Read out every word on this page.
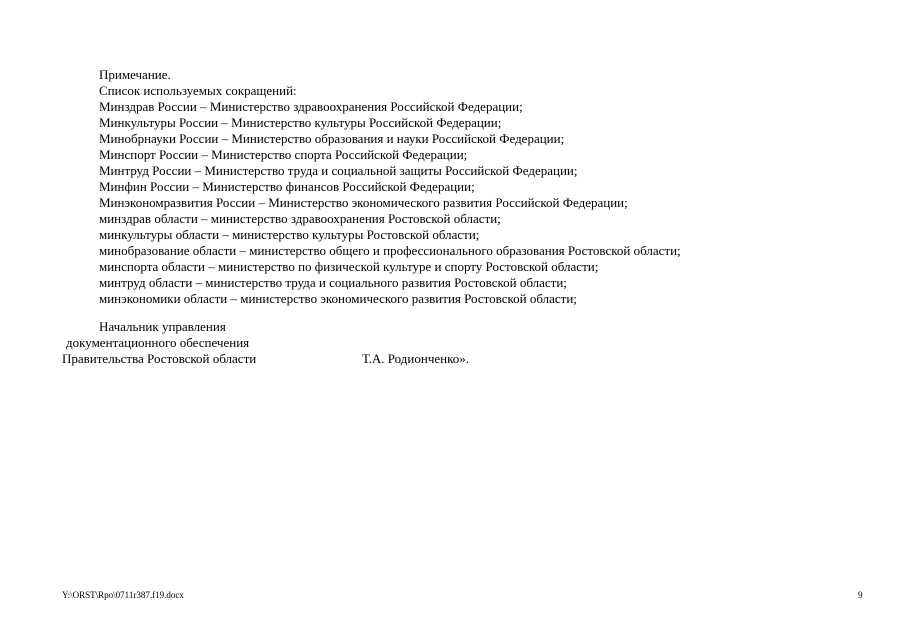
Примечание.
Список используемых сокращений:
Минздрав России – Министерство здравоохранения Российской Федерации;
Минкультуры России – Министерство культуры Российской Федерации;
Минобрнауки России – Министерство образования и науки Российской Федерации;
Минспорт России – Министерство спорта Российской Федерации;
Минтруд России – Министерство труда и социальной защиты Российской Федерации;
Минфин России – Министерство финансов Российской Федерации;
Минэкономразвития России – Министерство экономического развития Российской Федерации;
минздрав области – министерство здравоохранения Ростовской области;
минкультуры области – министерство культуры Ростовской области;
минобразование области – министерство общего и профессионального образования Ростовской области;
минспорта области – министерство по физической культуре и спорту Ростовской области;
минтруд области – министерство труда и социального развития Ростовской области;
минэкономики области – министерство экономического развития Ростовской области;
Начальник управления
документационного обеспечения
Правительства Ростовской области	Т.А. Родионченко».
Y:\ORST\Rpo\0711r387.f19.docx	9
